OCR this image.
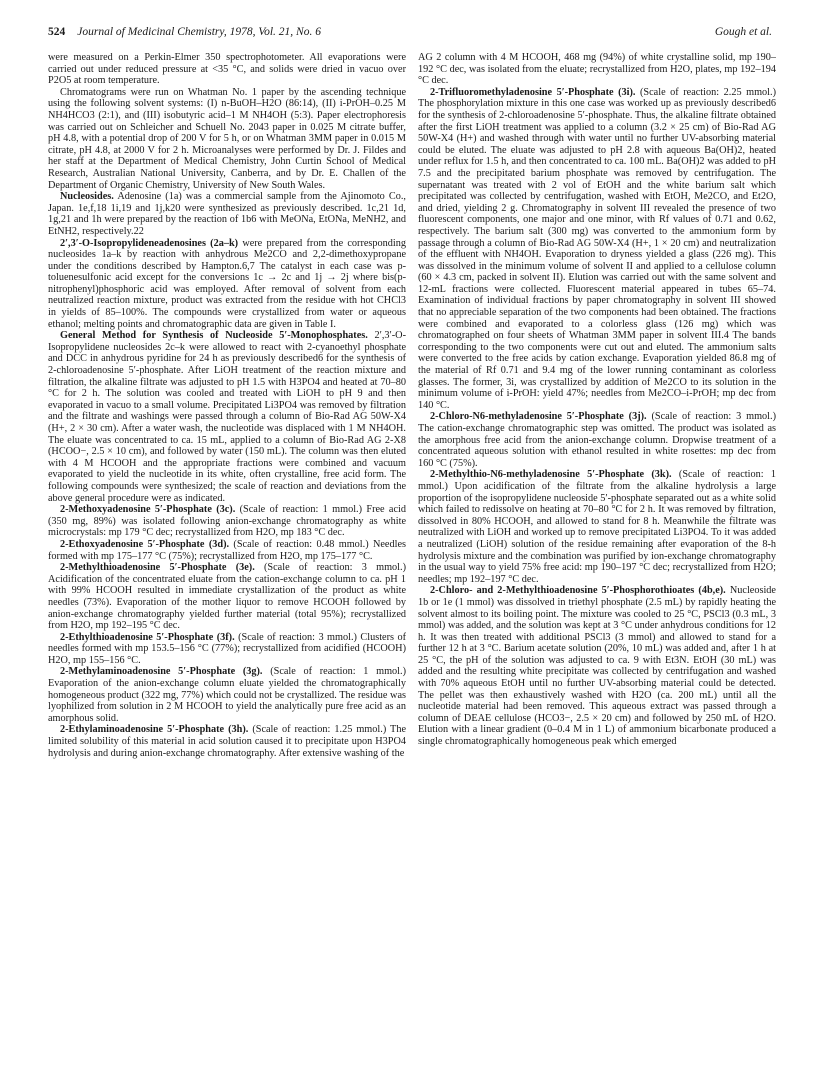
524 Journal of Medicinal Chemistry, 1978, Vol. 21, No. 6	Gough et al.

were measured on a Perkin-Elmer 350 spectrophotometer. All evaporations were carried out under reduced pressure at <35 °C, and solids were dried in vacuo over P2O5 at room temperature.

Chromatograms were run on Whatman No. 1 paper by the ascending technique using the following solvent systems: (I) n-BuOH–H2O (86:14), (II) i-PrOH–0.25 M NH4HCO3 (2:1), and (III) isobutyric acid–1 M NH4OH (5:3). Paper electrophoresis was carried out on Schleicher and Schuell No. 2043 paper in 0.025 M citrate buffer, pH 4.8, with a potential drop of 200 V for 5 h, or on Whatman 3MM paper in 0.015 M citrate, pH 4.8, at 2000 V for 2 h. Microanalyses were performed by Dr. J. Fildes and her staff at the Department of Medical Chemistry, John Curtin School of Medical Research, Australian National University, Canberra, and by Dr. E. Challen of the Department of Organic Chemistry, University of New South Wales.

Nucleosides. Adenosine (1a) was a commercial sample from the Ajinomoto Co., Japan. 1e,f,18 1i,19 and 1j,k20 were synthesized as previously described. 1c,21 1d, 1g,21 and 1h were prepared by the reaction of 1b6 with MeONa, EtONa, MeNH2, and EtNH2, respectively.22

2′,3′-O-Isopropylideneadenosines (2a–k) were prepared from the corresponding nucleosides 1a–k by reaction with anhydrous Me2CO and 2,2-dimethoxypropane under the conditions described by Hampton.6,7 The catalyst in each case was p-toluenesulfonic acid except for the conversions 1c → 2c and 1j → 2j where bis(p-nitrophenyl)phosphoric acid was employed. After removal of solvent from each neutralized reaction mixture, product was extracted from the residue with hot CHCl3 in yields of 85–100%. The compounds were crystallized from water or aqueous ethanol; melting points and chromatographic data are given in Table I.

General Method for Synthesis of Nucleoside 5′-Monophosphates. 2′,3′-O-Isopropylidene nucleosides 2c–k were allowed to react with 2-cyanoethyl phosphate and DCC in anhydrous pyridine for 24 h as previously described6 for the synthesis of 2-chloroadenosine 5′-phosphate. After LiOH treatment of the reaction mixture and filtration, the alkaline filtrate was adjusted to pH 1.5 with H3PO4 and heated at 70–80 °C for 2 h. The solution was cooled and treated with LiOH to pH 9 and then evaporated in vacuo to a small volume. Precipitated Li3PO4 was removed by filtration and the filtrate and washings were passed through a column of Bio-Rad AG 50W-X4 (H+, 2 × 30 cm). After a water wash, the nucleotide was displaced with 1 M NH4OH. The eluate was concentrated to ca. 15 mL, applied to a column of Bio-Rad AG 2-X8 (HCOO−, 2.5 × 10 cm), and followed by water (150 mL). The column was then eluted with 4 M HCOOH and the appropriate fractions were combined and vacuum evaporated to yield the nucleotide in its white, often crystalline, free acid form. The following compounds were synthesized; the scale of reaction and deviations from the above general procedure were as indicated.

2-Methoxyadenosine 5′-Phosphate (3c). (Scale of reaction: 1 mmol.) Free acid (350 mg, 89%) was isolated following anion-exchange chromatography as white microcrystals: mp 179 °C dec; recrystallized from H2O, mp 183 °C dec.

2-Ethoxyadenosine 5′-Phosphate (3d). (Scale of reaction: 0.48 mmol.) Needles formed with mp 175–177 °C (75%); recrystallized from H2O, mp 175–177 °C.

2-Methylthioadenosine 5′-Phosphate (3e). (Scale of reaction: 3 mmol.) Acidification of the concentrated eluate from the cation-exchange column to ca. pH 1 with 99% HCOOH resulted in immediate crystallization of the product as white needles (73%). Evaporation of the mother liquor to remove HCOOH followed by anion-exchange chromatography yielded further material (total 95%); recrystallized from H2O, mp 192–195 °C dec.

2-Ethylthioadenosine 5′-Phosphate (3f). (Scale of reaction: 3 mmol.) Clusters of needles formed with mp 153.5–156 °C (77%); recrystallized from acidified (HCOOH) H2O, mp 155–156 °C.

2-Methylaminoadenosine 5′-Phosphate (3g). (Scale of reaction: 1 mmol.) Evaporation of the anion-exchange column eluate yielded the chromatographically homogeneous product (322 mg, 77%) which could not be crystallized. The residue was lyophilized from solution in 2 M HCOOH to yield the analytically pure free acid as an amorphous solid.

2-Ethylaminoadenosine 5′-Phosphate (3h). (Scale of reaction: 1.25 mmol.) The limited solubility of this material in acid solution caused it to precipitate upon H3PO4 hydrolysis and during anion-exchange chromatography. After extensive washing of the

AG 2 column with 4 M HCOOH, 468 mg (94%) of white crystalline solid, mp 190–192 °C dec, was isolated from the eluate; recrystallized from H2O, plates, mp 192–194 °C dec.

2-Trifluoromethyladenosine 5′-Phosphate (3i). (Scale of reaction: 2.25 mmol.) The phosphorylation mixture in this one case was worked up as previously described6 for the synthesis of 2-chloroadenosine 5′-phosphate. Thus, the alkaline filtrate obtained after the first LiOH treatment was applied to a column (3.2 × 25 cm) of Bio-Rad AG 50W-X4 (H+) and washed through with water until no further UV-absorbing material could be eluted. The eluate was adjusted to pH 2.8 with aqueous Ba(OH)2, heated under reflux for 1.5 h, and then concentrated to ca. 100 mL. Ba(OH)2 was added to pH 7.5 and the precipitated barium phosphate was removed by centrifugation. The supernatant was treated with 2 vol of EtOH and the white barium salt which precipitated was collected by centrifugation, washed with EtOH, Me2CO, and Et2O, and dried, yielding 2 g. Chromatography in solvent III revealed the presence of two fluorescent components, one major and one minor, with Rf values of 0.71 and 0.62, respectively. The barium salt (300 mg) was converted to the ammonium form by passage through a column of Bio-Rad AG 50W-X4 (H+, 1 × 20 cm) and neutralization of the effluent with NH4OH. Evaporation to dryness yielded a glass (226 mg). This was dissolved in the minimum volume of solvent II and applied to a cellulose column (60 × 4.3 cm, packed in solvent II). Elution was carried out with the same solvent and 12-mL fractions were collected. Fluorescent material appeared in tubes 65–74. Examination of individual fractions by paper chromatography in solvent III showed that no appreciable separation of the two components had been obtained. The fractions were combined and evaporated to a colorless glass (126 mg) which was chromatographed on four sheets of Whatman 3MM paper in solvent III.4 The bands corresponding to the two components were cut out and eluted. The ammonium salts were converted to the free acids by cation exchange. Evaporation yielded 86.8 mg of the material of Rf 0.71 and 9.4 mg of the lower running contaminant as colorless glasses. The former, 3i, was crystallized by addition of Me2CO to its solution in the minimum volume of i-PrOH: yield 47%; needles from Me2CO–i-PrOH; mp dec from 140 °C.

2-Chloro-N6-methyladenosine 5′-Phosphate (3j). (Scale of reaction: 3 mmol.) The cation-exchange chromatographic step was omitted. The product was isolated as the amorphous free acid from the anion-exchange column. Dropwise treatment of a concentrated aqueous solution with ethanol resulted in white rosettes: mp dec from 160 °C (75%).

2-Methylthio-N6-methyladenosine 5′-Phosphate (3k). (Scale of reaction: 1 mmol.) Upon acidification of the filtrate from the alkaline hydrolysis a large proportion of the isopropylidene nucleoside 5′-phosphate separated out as a white solid which failed to redissolve on heating at 70–80 °C for 2 h. It was removed by filtration, dissolved in 80% HCOOH, and allowed to stand for 8 h. Meanwhile the filtrate was neutralized with LiOH and worked up to remove precipitated Li3PO4. To it was added a neutralized (LiOH) solution of the residue remaining after evaporation of the 8-h hydrolysis mixture and the combination was purified by ion-exchange chromatography in the usual way to yield 75% free acid: mp 190–197 °C dec; recrystallized from H2O; needles; mp 192–197 °C dec.

2-Chloro- and 2-Methylthioadenosine 5′-Phosphorothioates (4b,e). Nucleoside 1b or 1e (1 mmol) was dissolved in triethyl phosphate (2.5 mL) by rapidly heating the solvent almost to its boiling point. The mixture was cooled to 25 °C, PSCl3 (0.3 mL, 3 mmol) was added, and the solution was kept at 3 °C under anhydrous conditions for 12 h. It was then treated with additional PSCl3 (3 mmol) and allowed to stand for a further 12 h at 3 °C. Barium acetate solution (20%, 10 mL) was added and, after 1 h at 25 °C, the pH of the solution was adjusted to ca. 9 with Et3N. EtOH (30 mL) was added and the resulting white precipitate was collected by centrifugation and washed with 70% aqueous EtOH until no further UV-absorbing material could be detected. The pellet was then exhaustively washed with H2O (ca. 200 mL) until all the nucleotide material had been removed. This aqueous extract was passed through a column of DEAE cellulose (HCO3−, 2.5 × 20 cm) and followed by 250 mL of H2O. Elution with a linear gradient (0–0.4 M in 1 L) of ammonium bicarbonate produced a single chromatographically homogeneous peak which emerged
